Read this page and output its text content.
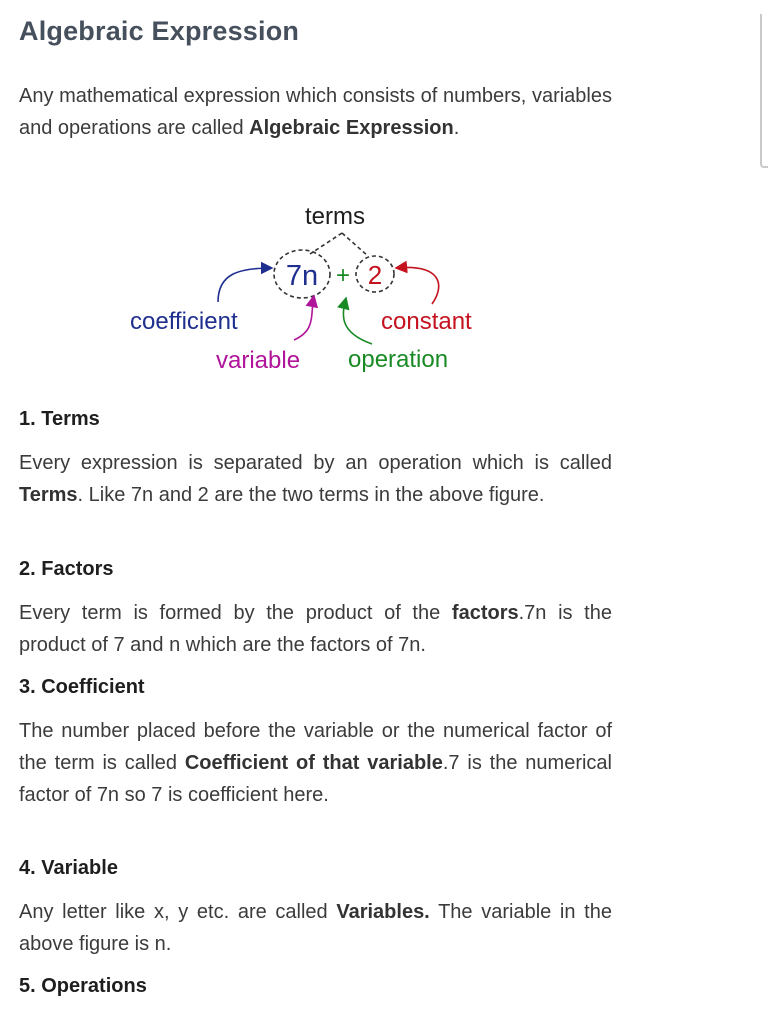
Algebraic Expression

Any mathematical expression which consists of numbers, variables and operations are called Algebraic Expression.

1. Terms

Every expression is separated by an operation which is called Terms. Like 7n and 2 are the two terms in the above figure.

2. Factors

Every term is formed by the product of the factors.7n is the product of 7 and n which are the factors of 7n.

3. Coefficient

The number placed before the variable or the numerical factor of the term is called Coefficient of that variable.7 is the numerical factor of 7n so 7 is coefficient here.

4. Variable

Any letter like x, y etc. are called Variables. The variable in the above figure is n.

5. Operations
terms
7n + 2
coefficient	constant
variable operation
